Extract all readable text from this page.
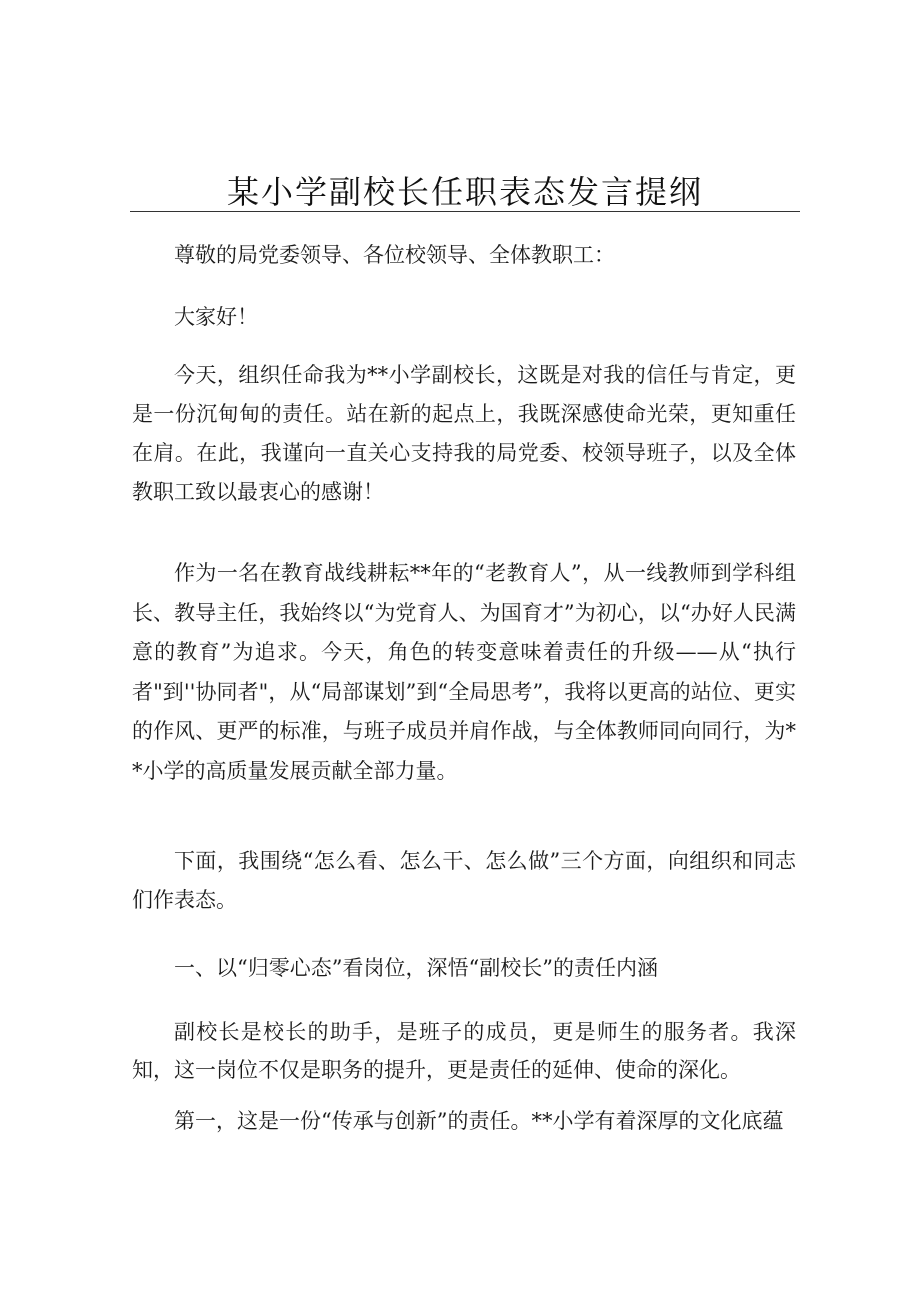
某小学副校长任职表态发言提纲

尊敬的局党委领导、各位校领导、全体教职工：

大家好！

今天，组织任命我为**小学副校长，这既是对我的信任与肯定，更是一份沉甸甸的责任。站在新的起点上，我既深感使命光荣，更知重任在肩。在此，我谨向一直关心支持我的局党委、校领导班子，以及全体教职工致以最衷心的感谢！

作为一名在教育战线耕耘**年的“老教育人”，从一线教师到学科组长、教导主任，我始终以“为党育人、为国育才”为初心，以“办好人民满意的教育”为追求。今天，角色的转变意味着责任的升级——从“执行者"到''协同者"，从“局部谋划”到“全局思考”，我将以更高的站位、更实的作风、更严的标准，与班子成员并肩作战，与全体教师同向同行，为**小学的高质量发展贡献全部力量。

下面，我围绕“怎么看、怎么干、怎么做”三个方面，向组织和同志们作表态。

一、以“归零心态”看岗位，深悟“副校长”的责任内涵

副校长是校长的助手，是班子的成员，更是师生的服务者。我深知，这一岗位不仅是职务的提升，更是责任的延伸、使命的深化。

第一，这是一份“传承与创新”的责任。**小学有着深厚的文化底蕴
